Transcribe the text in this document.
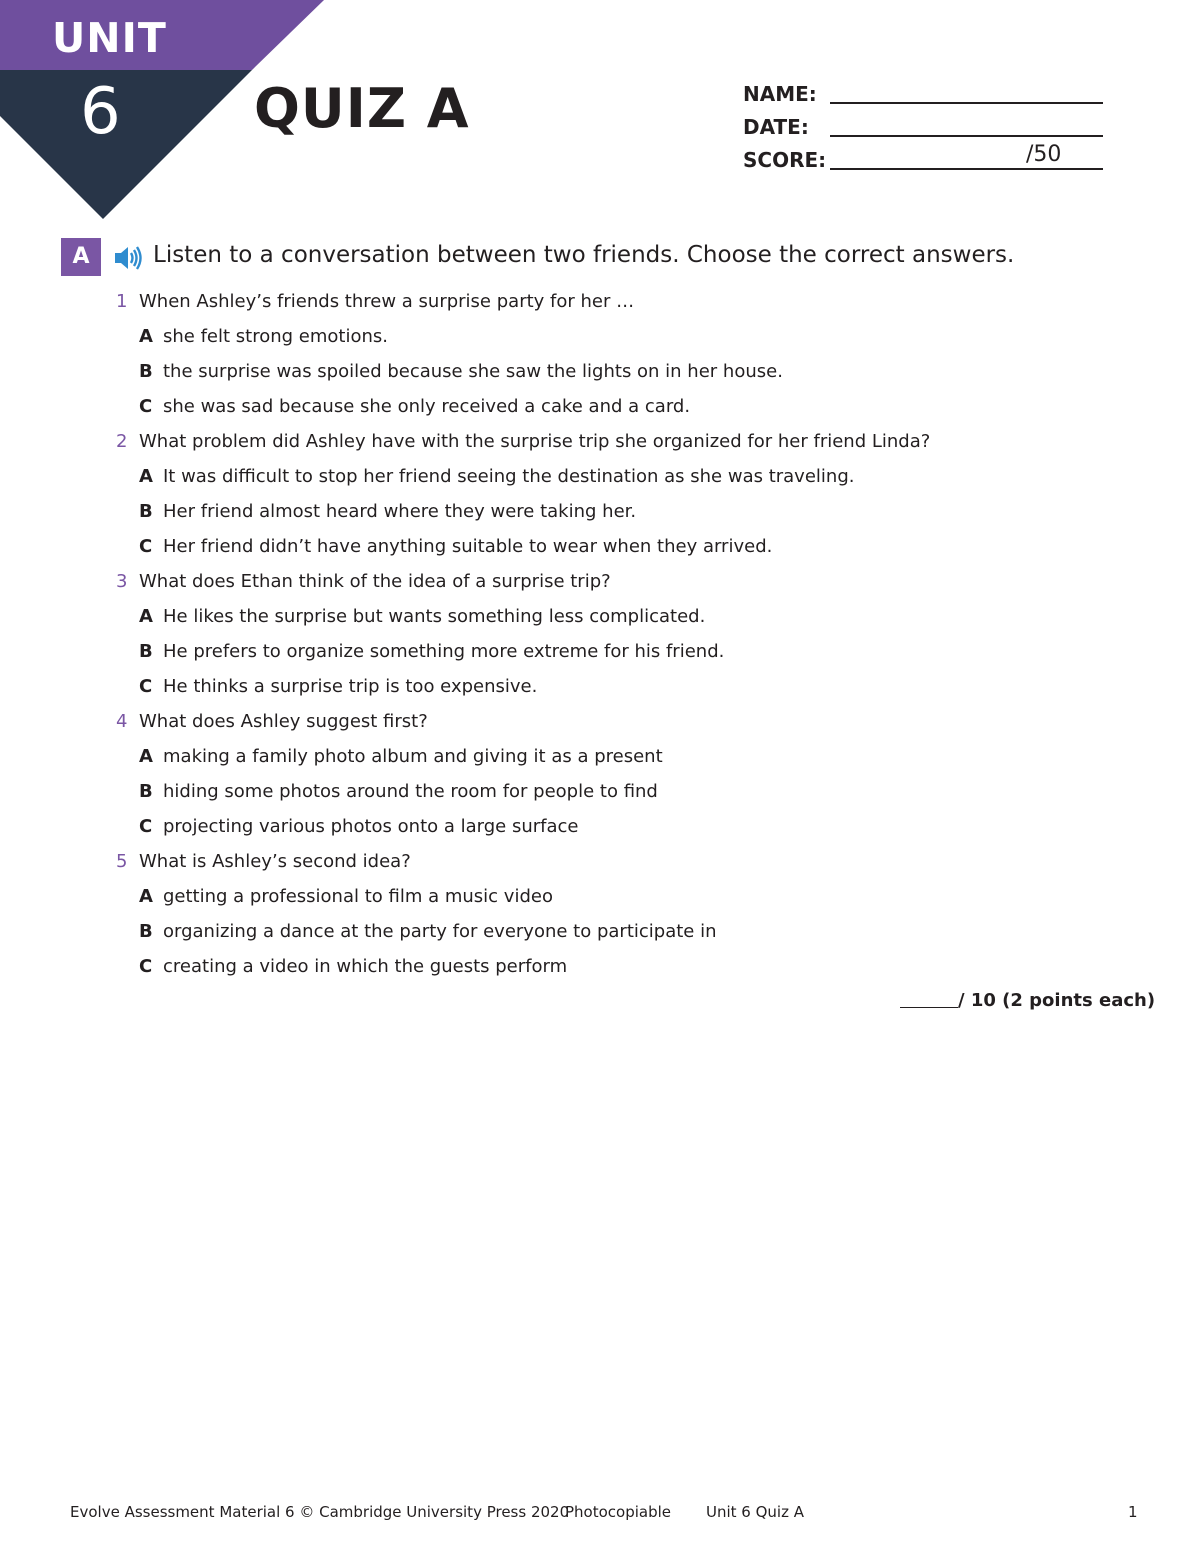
UNIT
6 QUIZ A	NAME:
DATE:
SCORE:	/50
A	Listen to a conversation between two friends. Choose the correct answers.
1 When Ashley’s friends threw a surprise party for her …
A she felt strong emotions.
B the surprise was spoiled because she saw the lights on in her house.
C she was sad because she only received a cake and a card.
2 What problem did Ashley have with the surprise trip she organized for her friend Linda?
A It was difficult to stop her friend seeing the destination as she was traveling.
B Her friend almost heard where they were taking her.
C Her friend didn’t have anything suitable to wear when they arrived.
3 What does Ethan think of the idea of a surprise trip?
A He likes the surprise but wants something less complicated.
B He prefers to organize something more extreme for his friend.
C He thinks a surprise trip is too expensive.
4 What does Ashley suggest first?
A making a family photo album and giving it as a present
B hiding some photos around the room for people to find
C projecting various photos onto a large surface
5 What is Ashley’s second idea?
A getting a professional to film a music video
B organizing a dance at the party for everyone to participate in
C creating a video in which the guests perform
/ 10 (2 points each)
Evolve Assessment Material 6 © Cambridge University Press 2020
Photocopiable Unit 6 Quiz A	1
